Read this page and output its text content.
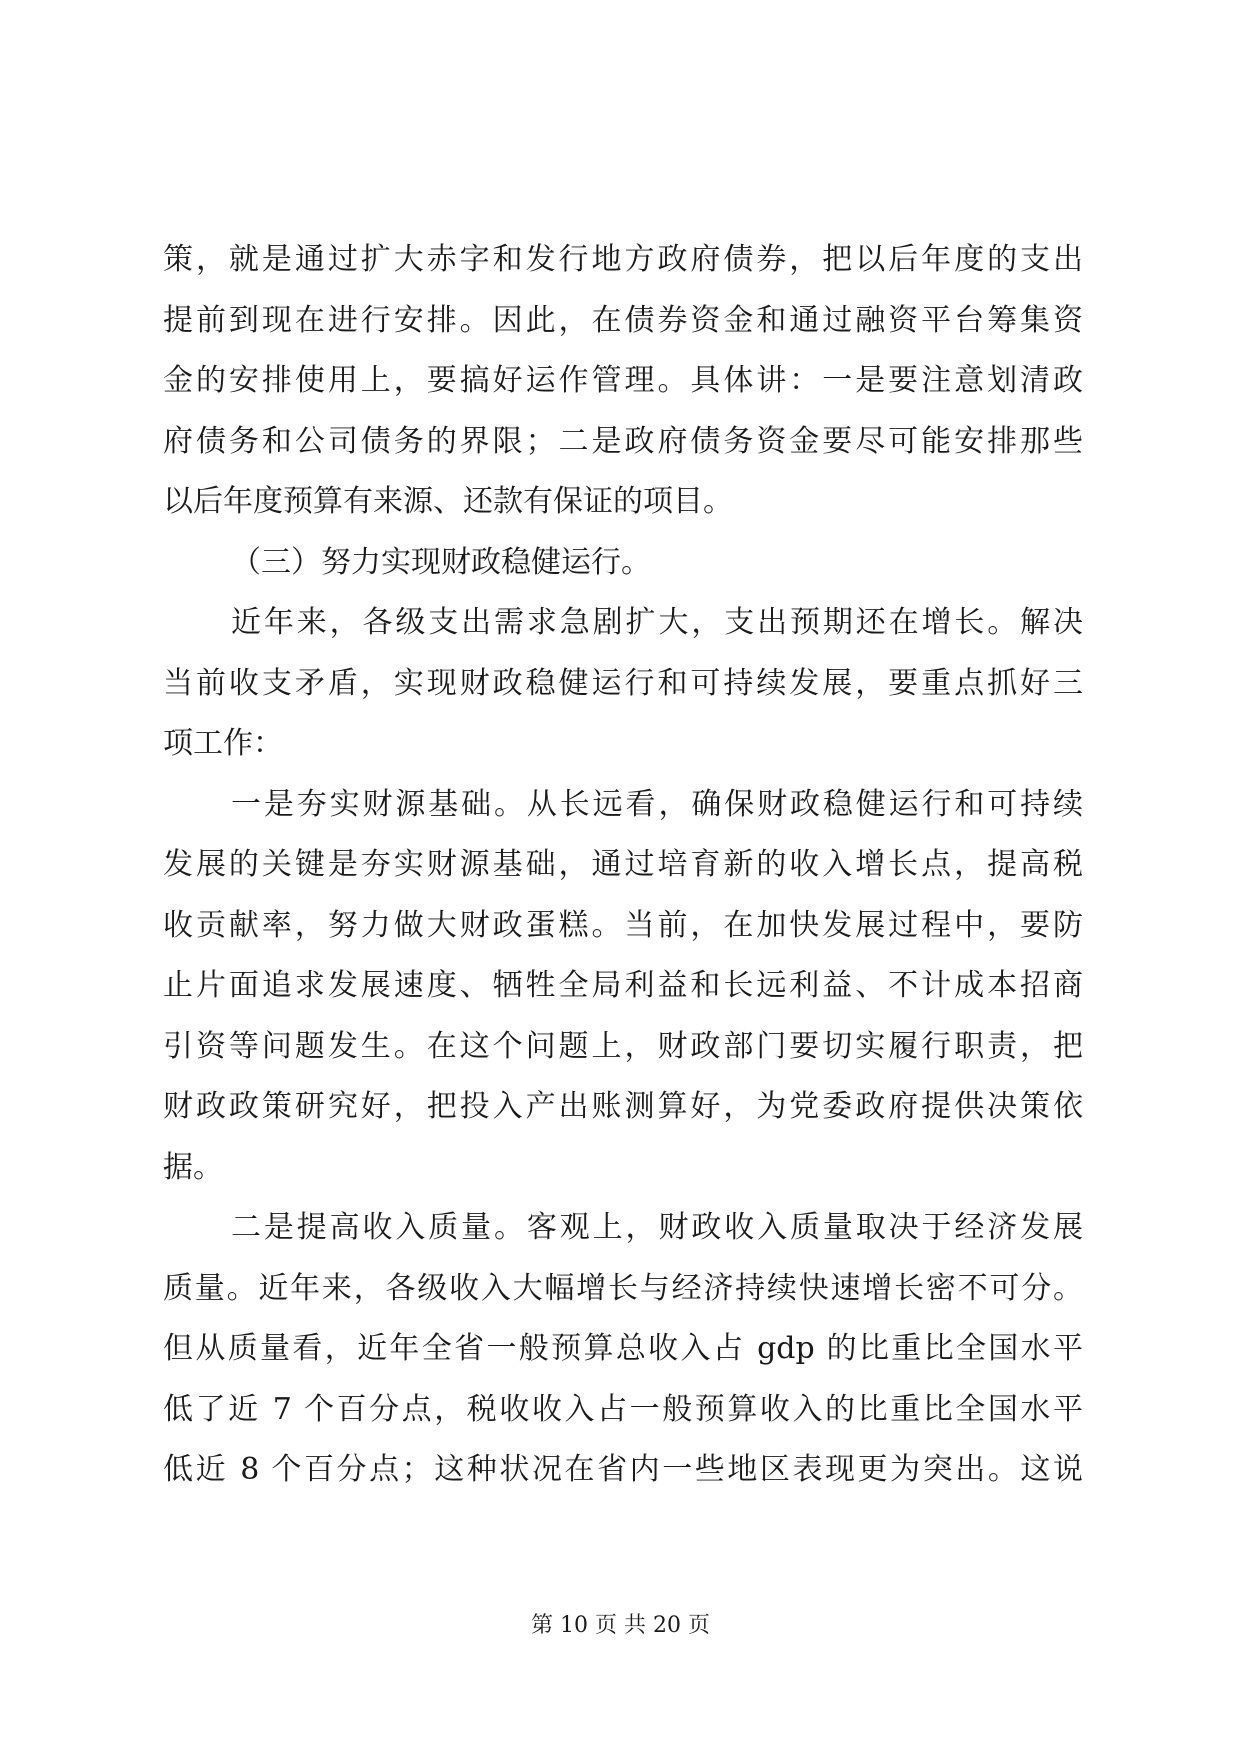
策，就是通过扩大赤字和发行地方政府债券，把以后年度的支出
提前到现在进行安排。因此，在债券资金和通过融资平台筹集资
金的安排使用上，要搞好运作管理。具体讲：一是要注意划清政
府债务和公司债务的界限；二是政府债务资金要尽可能安排那些
以后年度预算有来源、还款有保证的项目。
（三）努力实现财政稳健运行。
近年来，各级支出需求急剧扩大，支出预期还在增长。解决
当前收支矛盾，实现财政稳健运行和可持续发展，要重点抓好三
项工作：
一是夯实财源基础。从长远看，确保财政稳健运行和可持续
发展的关键是夯实财源基础，通过培育新的收入增长点，提高税
收贡献率，努力做大财政蛋糕。当前，在加快发展过程中，要防
止片面追求发展速度、牺牲全局利益和长远利益、不计成本招商
引资等问题发生。在这个问题上，财政部门要切实履行职责，把
财政政策研究好，把投入产出账测算好，为党委政府提供决策依
据。
二是提高收入质量。客观上，财政收入质量取决于经济发展
质量。近年来，各级收入大幅增长与经济持续快速增长密不可分。
但从质量看，近年全省一般预算总收入占 gdp 的比重比全国水平
低了近 7 个百分点，税收收入占一般预算收入的比重比全国水平
低近 8 个百分点；这种状况在省内一些地区表现更为突出。这说
第 10 页 共 20 页
